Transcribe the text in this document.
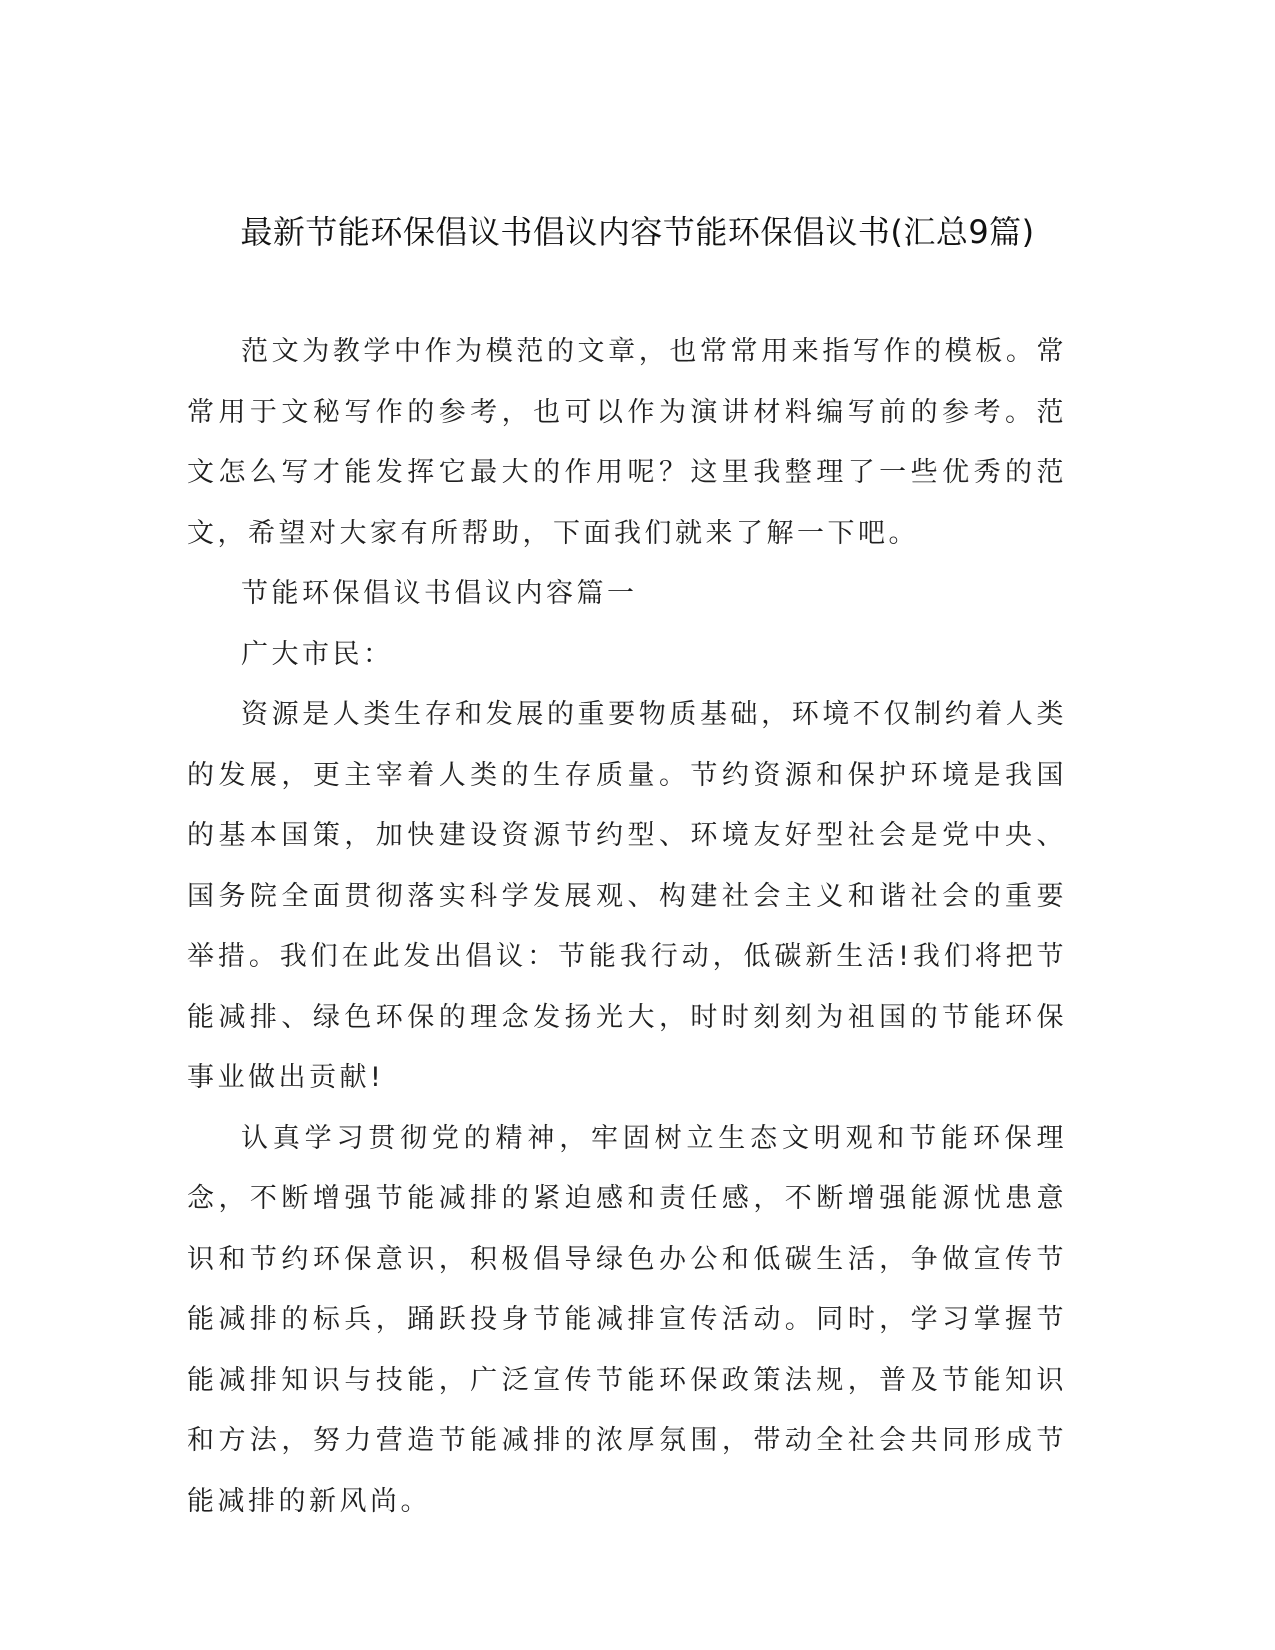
最新节能环保倡议书倡议内容节能环保倡议书(汇总9篇)

范文为教学中作为模范的文章，也常常用来指写作的模板。常常用于文秘写作的参考，也可以作为演讲材料编写前的参考。范文怎么写才能发挥它最大的作用呢？这里我整理了一些优秀的范文，希望对大家有所帮助，下面我们就来了解一下吧。

节能环保倡议书倡议内容篇一

广大市民：

资源是人类生存和发展的重要物质基础，环境不仅制约着人类的发展，更主宰着人类的生存质量。节约资源和保护环境是我国的基本国策，加快建设资源节约型、环境友好型社会是党中央、国务院全面贯彻落实科学发展观、构建社会主义和谐社会的重要举措。我们在此发出倡议：节能我行动，低碳新生活!我们将把节能减排、绿色环保的理念发扬光大，时时刻刻为祖国的节能环保事业做出贡献!

认真学习贯彻党的精神，牢固树立生态文明观和节能环保理念，不断增强节能减排的紧迫感和责任感，不断增强能源忧患意识和节约环保意识，积极倡导绿色办公和低碳生活，争做宣传节能减排的标兵，踊跃投身节能减排宣传活动。同时，学习掌握节能减排知识与技能，广泛宣传节能环保政策法规，普及节能知识和方法，努力营造节能减排的浓厚氛围，带动全社会共同形成节能减排的新风尚。
